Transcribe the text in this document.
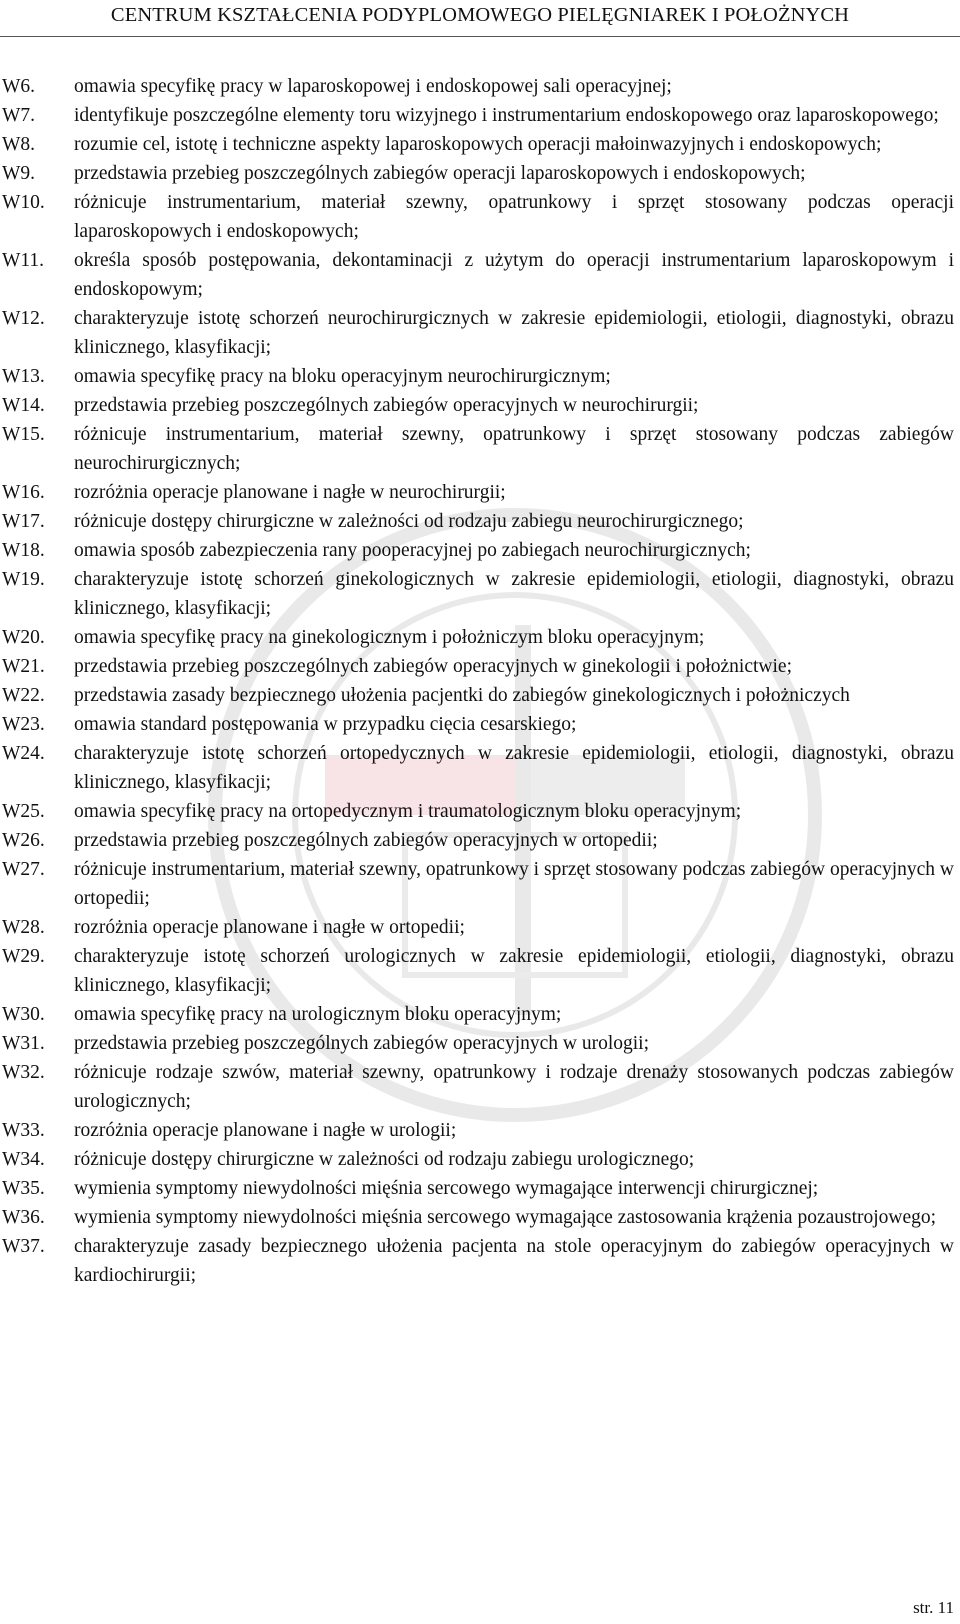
CENTRUM KSZTAŁCENIA PODYPLOMOWEGO PIELĘGNIAREK I POŁOŻNYCH
W6. omawia specyfikę pracy w laparoskopowej i endoskopowej sali operacyjnej;
W7. identyfikuje poszczególne elementy toru wizyjnego i instrumentarium endoskopowego oraz laparoskopowego;
W8. rozumie cel, istotę i techniczne aspekty laparoskopowych operacji małoinwazyjnych i endoskopowych;
W9. przedstawia przebieg poszczególnych zabiegów operacji laparoskopowych i endoskopowych;
W10. różnicuje instrumentarium, materiał szewny, opatrunkowy i sprzęt stosowany podczas operacji laparoskopowych i endoskopowych;
W11. określa sposób postępowania, dekontaminacji z użytym do operacji instrumentarium laparoskopowym i endoskopowym;
W12. charakteryzuje istotę schorzeń neurochirurgicznych w zakresie epidemiologii, etiologii, diagnostyki, obrazu klinicznego, klasyfikacji;
W13. omawia specyfikę pracy na bloku operacyjnym neurochirurgicznym;
W14. przedstawia przebieg poszczególnych zabiegów operacyjnych w neurochirurgii;
W15. różnicuje instrumentarium, materiał szewny, opatrunkowy i sprzęt stosowany podczas zabiegów neurochirurgicznych;
W16. rozróżnia operacje planowane i nagłe w neurochirurgii;
W17. różnicuje dostępy chirurgiczne w zależności od rodzaju zabiegu neurochirurgicznego;
W18. omawia sposób zabezpieczenia rany pooperacyjnej po zabiegach neurochirurgicznych;
W19. charakteryzuje istotę schorzeń ginekologicznych w zakresie epidemiologii, etiologii, diagnostyki, obrazu klinicznego, klasyfikacji;
W20. omawia specyfikę pracy na ginekologicznym i położniczym bloku operacyjnym;
W21. przedstawia przebieg poszczególnych zabiegów operacyjnych w ginekologii i położnictwie;
W22. przedstawia zasady bezpiecznego ułożenia pacjentki do zabiegów ginekologicznych i położniczych
W23. omawia standard postępowania w przypadku cięcia cesarskiego;
W24. charakteryzuje istotę schorzeń ortopedycznych w zakresie epidemiologii, etiologii, diagnostyki, obrazu klinicznego, klasyfikacji;
W25. omawia specyfikę pracy na ortopedycznym i traumatologicznym bloku operacyjnym;
W26. przedstawia przebieg poszczególnych zabiegów operacyjnych w ortopedii;
W27. różnicuje instrumentarium, materiał szewny, opatrunkowy i sprzęt stosowany podczas zabiegów operacyjnych w ortopedii;
W28. rozróżnia operacje planowane i nagłe w ortopedii;
W29. charakteryzuje istotę schorzeń urologicznych w zakresie epidemiologii, etiologii, diagnostyki, obrazu klinicznego, klasyfikacji;
W30. omawia specyfikę pracy na urologicznym bloku operacyjnym;
W31. przedstawia przebieg poszczególnych zabiegów operacyjnych w urologii;
W32. różnicuje rodzaje szwów, materiał szewny, opatrunkowy i rodzaje drenaży stosowanych podczas zabiegów urologicznych;
W33. rozróżnia operacje planowane i nagłe w urologii;
W34. różnicuje dostępy chirurgiczne w zależności od rodzaju zabiegu urologicznego;
W35. wymienia symptomy niewydolności mięśnia sercowego wymagające interwencji chirurgicznej;
W36. wymienia symptomy niewydolności mięśnia sercowego wymagające zastosowania krążenia pozaustrojowego;
W37. charakteryzuje zasady bezpiecznego ułożenia pacjenta na stole operacyjnym do zabiegów operacyjnych w kardiochirurgii;
str. 11
